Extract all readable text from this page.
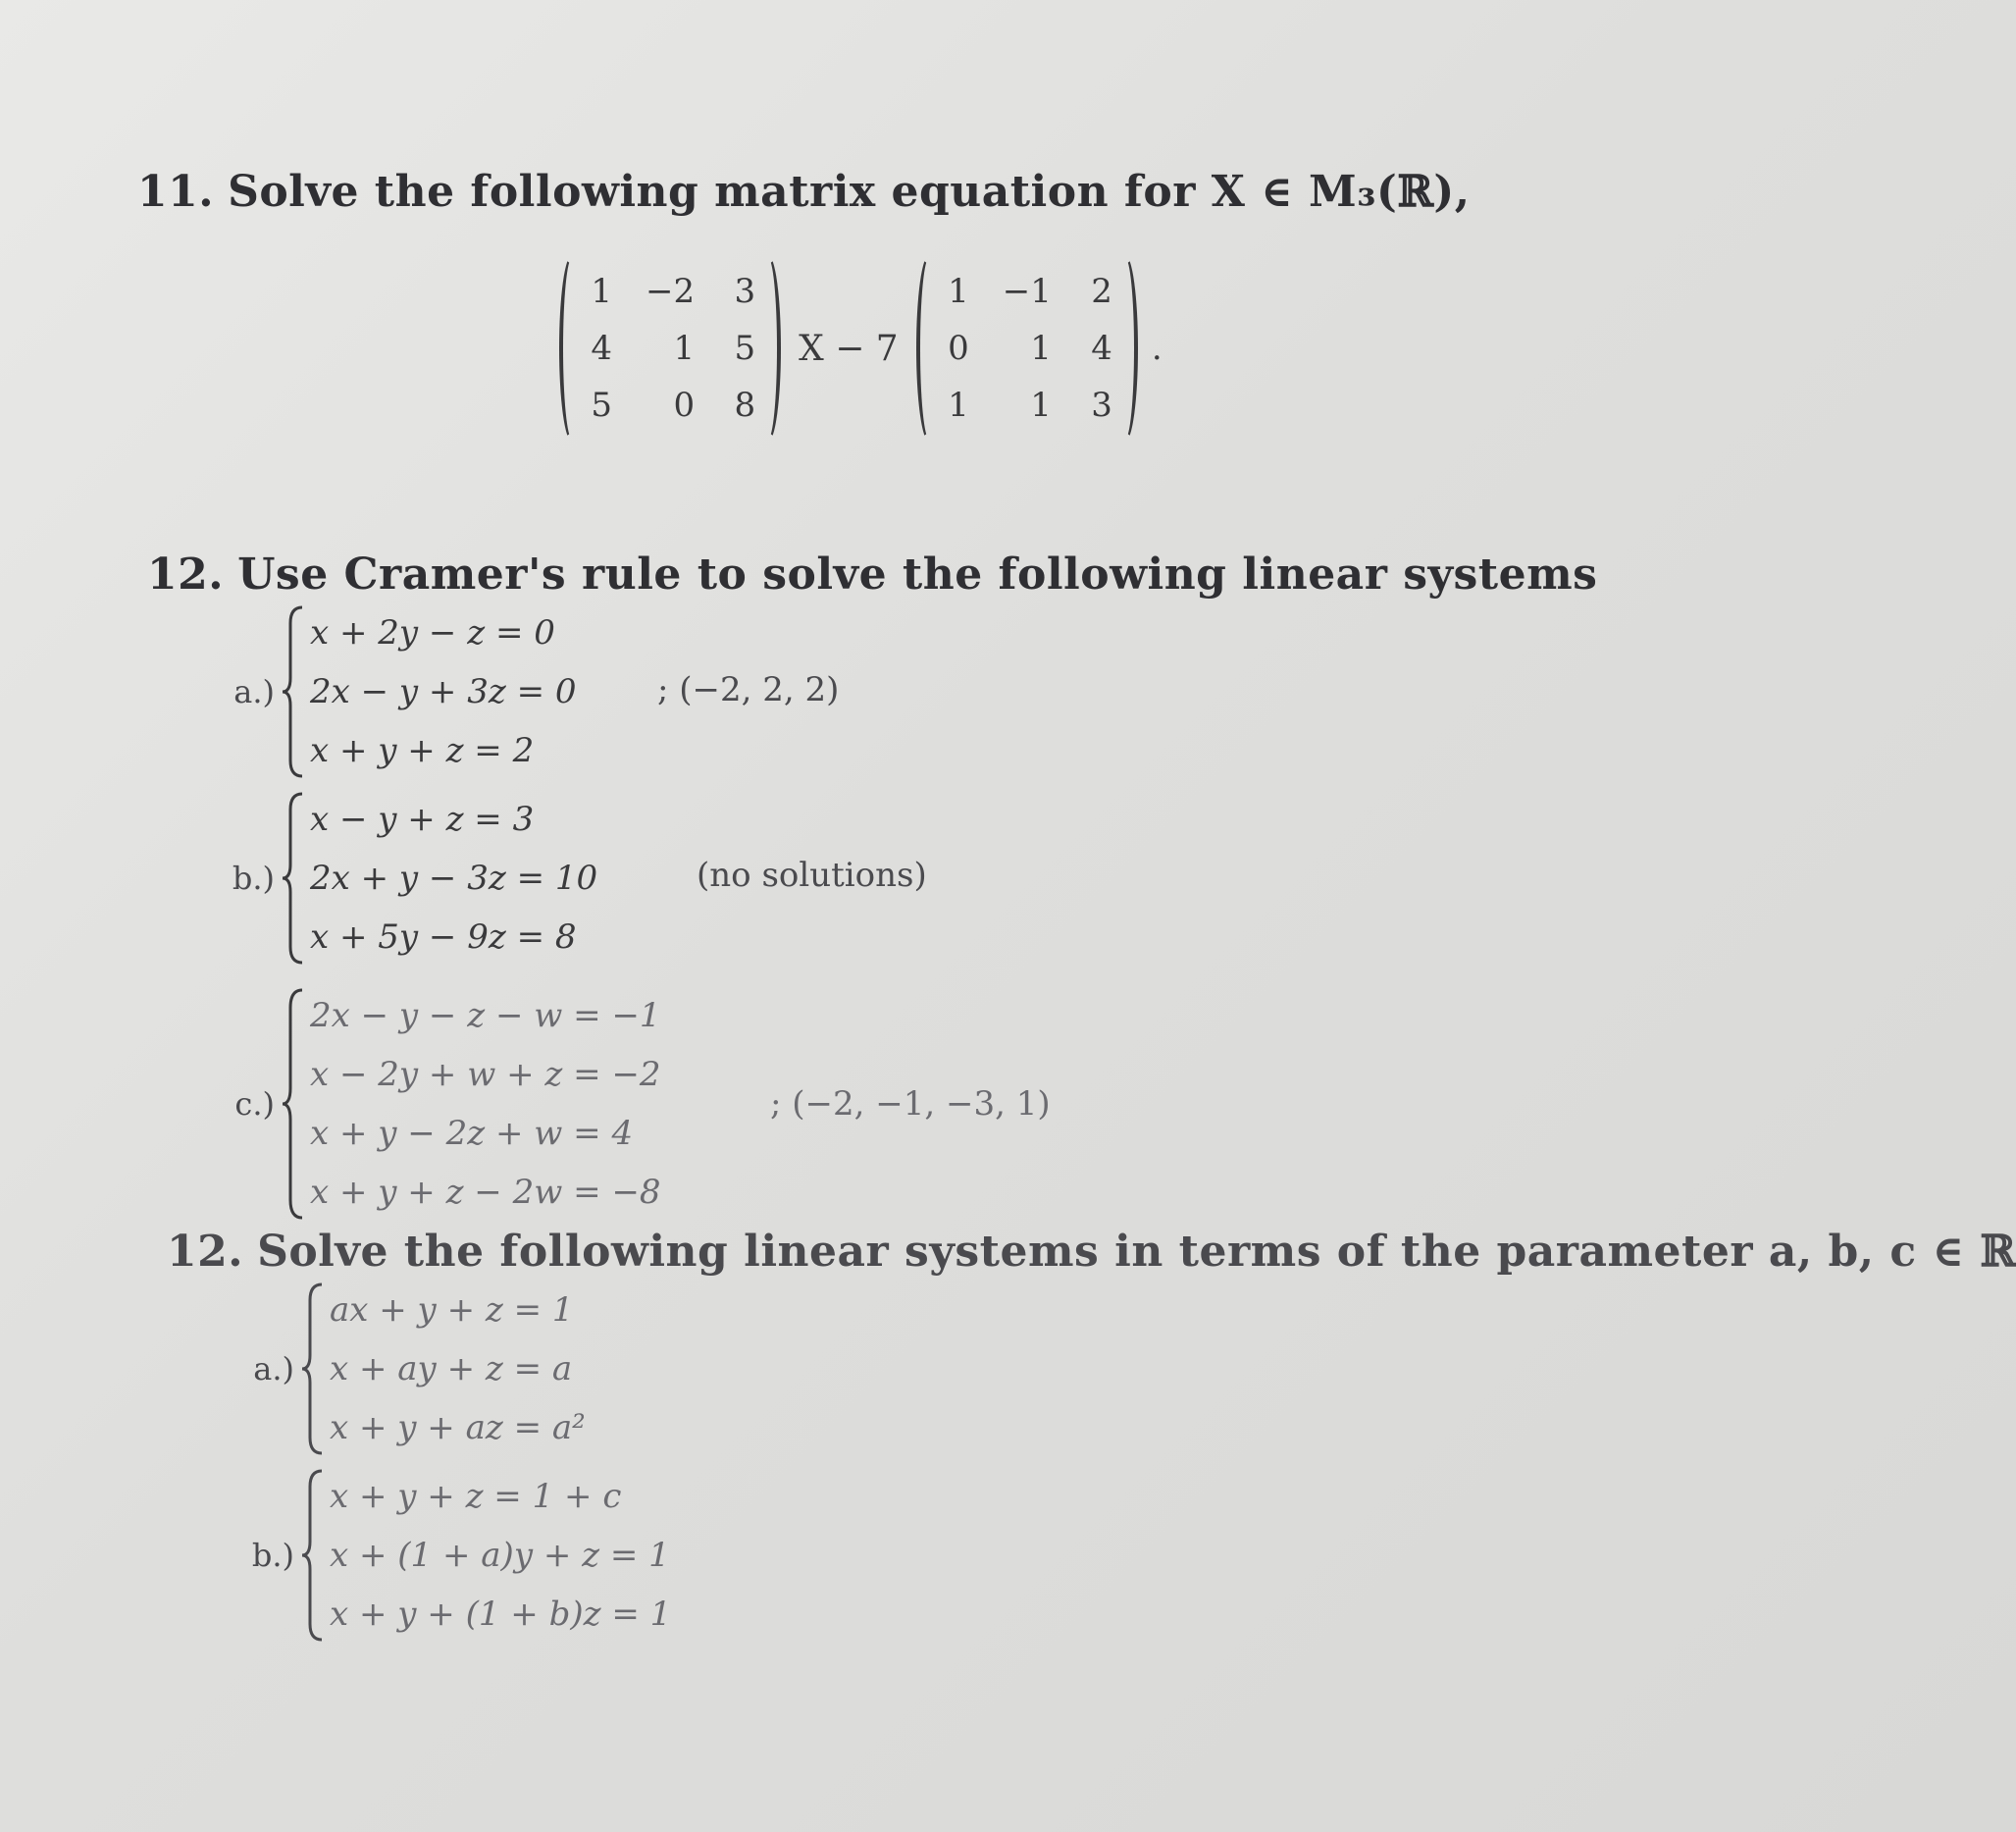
11. Solve the following matrix equation for X ∈ M₃(ℝ),
1 −2 3
4	1 5
5	0 8
X − 7
1 −1 2
0	1 4
1	1 3
.
12. Use Cramer's rule to solve the following linear systems
a.)
x + 2y − z = 0
2x − y + 3z = 0
x + y + z = 2
; (−2, 2, 2)
b.)
x − y + z = 3
2x + y − 3z = 10
x + 5y − 9z = 8
(no solutions)
c.)
2x − y − z − w = −1
x − 2y + w + z = −2
x + y − 2z + w = 4
x + y + z − 2w = −8
; (−2, −1, −3, 1)
12. Solve the following linear systems in terms of the parameter a, b, c ∈ ℝ
a.)
ax + y + z = 1
x + ay + z = a
x + y + az = a²
b.)
x + y + z = 1 + c
x + (1 + a)y + z = 1
x + y + (1 + b)z = 1
